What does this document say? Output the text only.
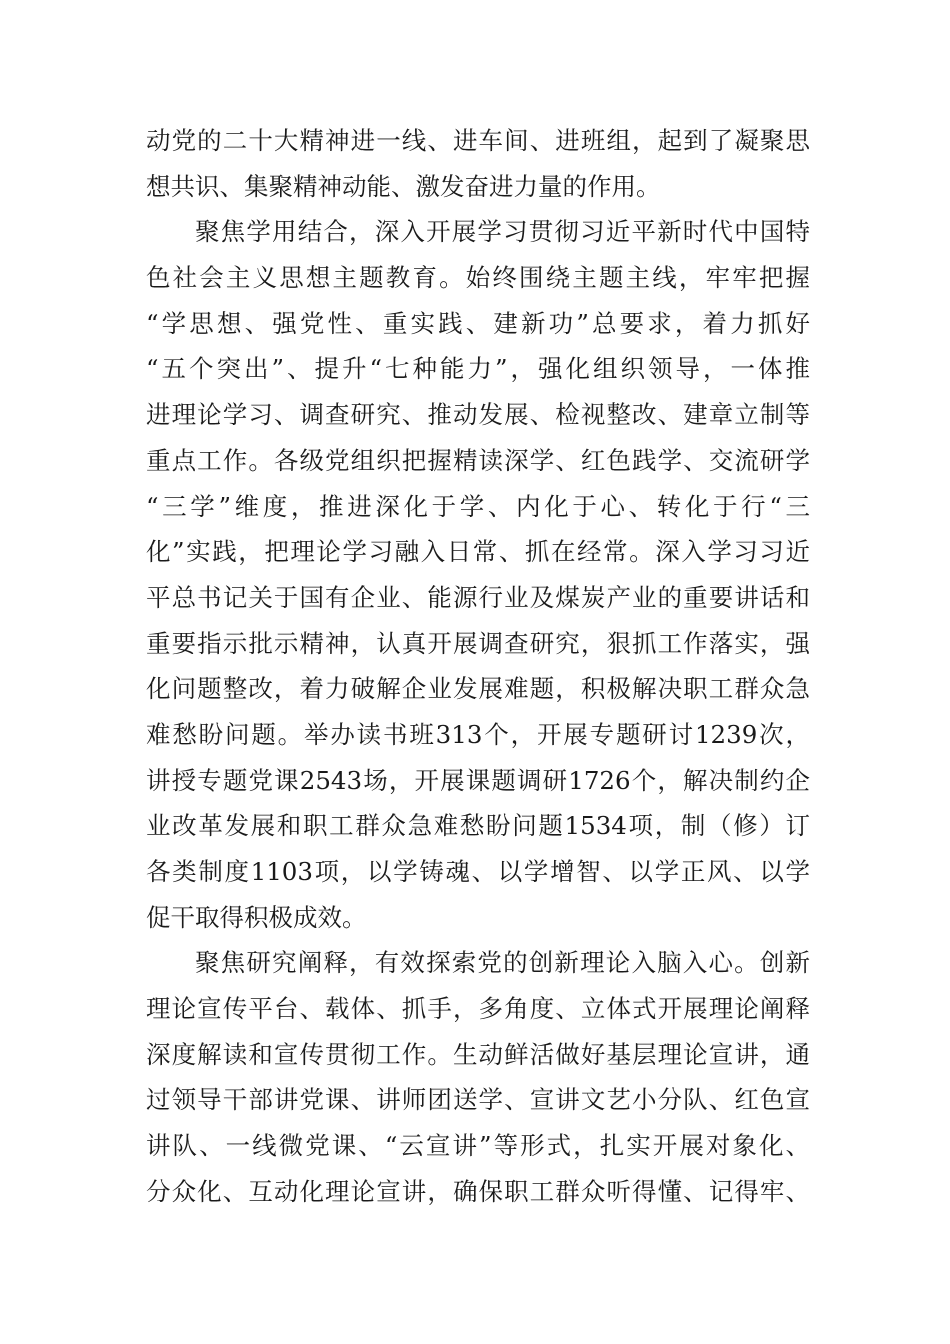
动党的二十大精神进一线、进车间、进班组，起到了凝聚思
想共识、集聚精神动能、激发奋进力量的作用。
聚焦学用结合，深入开展学习贯彻习近平新时代中国特
色社会主义思想主题教育。始终围绕主题主线，牢牢把握
“学思想、强党性、重实践、建新功”总要求，着力抓好
“五个突出”、提升“七种能力”，强化组织领导，一体推
进理论学习、调查研究、推动发展、检视整改、建章立制等
重点工作。各级党组织把握精读深学、红色践学、交流研学
“三学”维度，推进深化于学、内化于心、转化于行“三
化”实践，把理论学习融入日常、抓在经常。深入学习习近
平总书记关于国有企业、能源行业及煤炭产业的重要讲话和
重要指示批示精神，认真开展调查研究，狠抓工作落实，强
化问题整改，着力破解企业发展难题，积极解决职工群众急
难愁盼问题。举办读书班313个，开展专题研讨1239次，
讲授专题党课2543场，开展课题调研1726个，解决制约企
业改革发展和职工群众急难愁盼问题1534项，制（修）订
各类制度1103项，以学铸魂、以学增智、以学正风、以学
促干取得积极成效。
聚焦研究阐释，有效探索党的创新理论入脑入心。创新
理论宣传平台、载体、抓手，多角度、立体式开展理论阐释
深度解读和宣传贯彻工作。生动鲜活做好基层理论宣讲，通
过领导干部讲党课、讲师团送学、宣讲文艺小分队、红色宣
讲队、一线微党课、“云宣讲”等形式，扎实开展对象化、
分众化、互动化理论宣讲，确保职工群众听得懂、记得牢、
